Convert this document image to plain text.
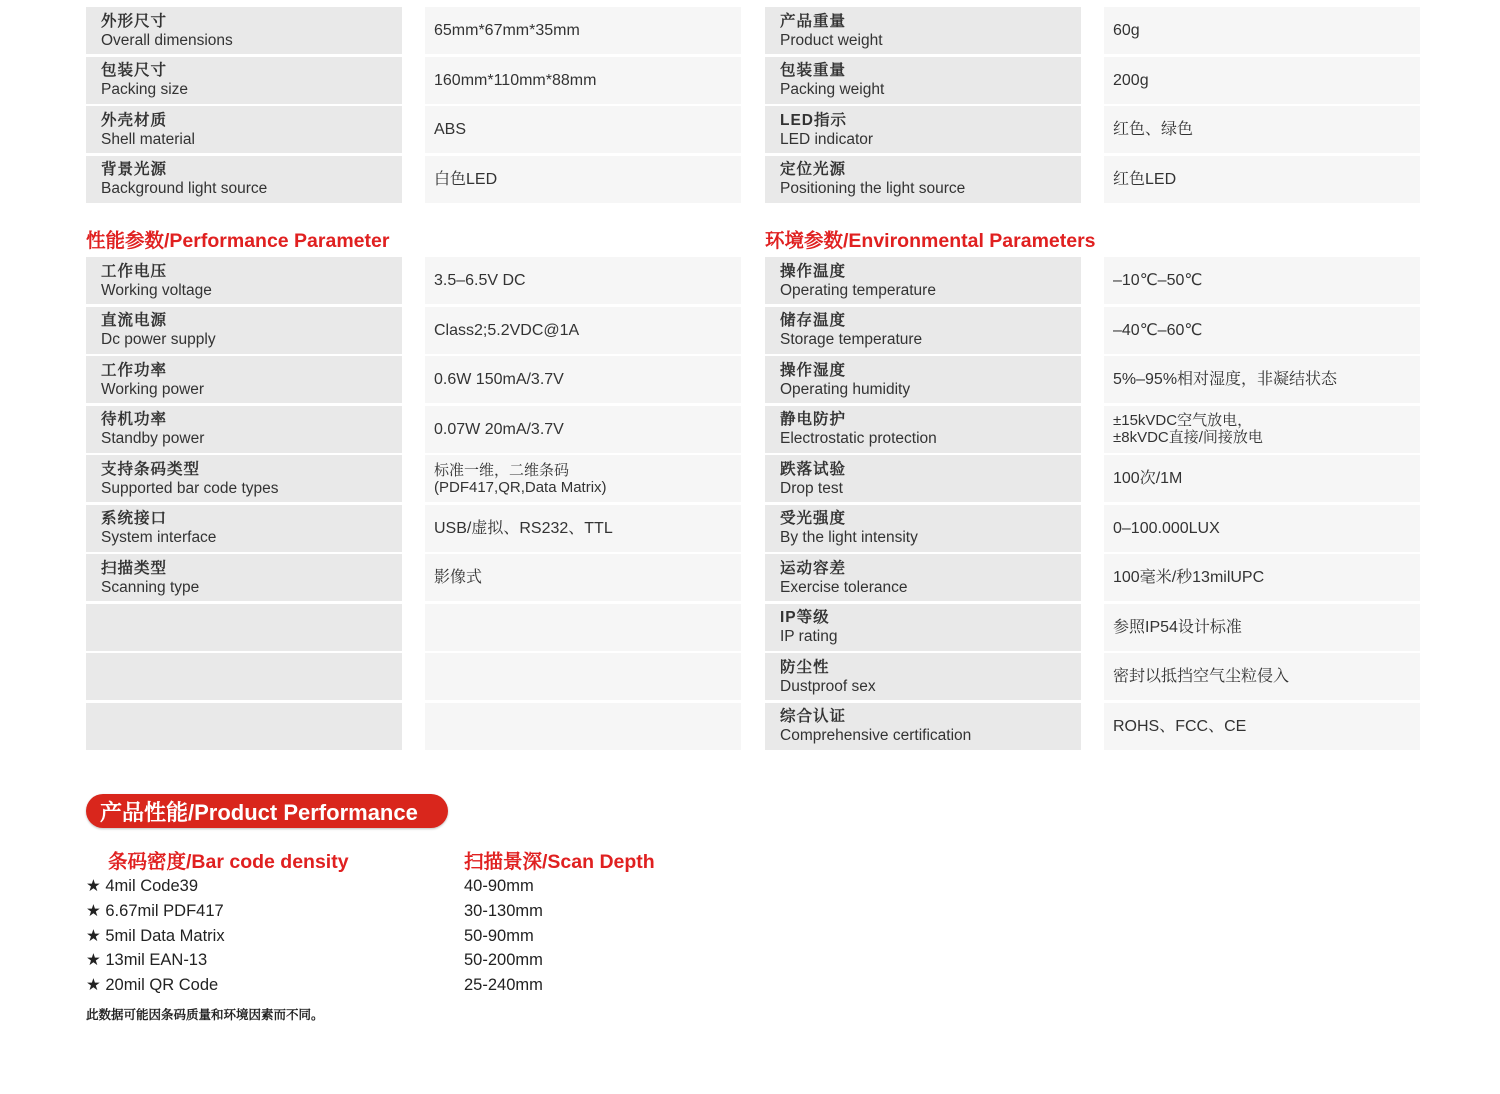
外形尺寸
Overall dimensions
65mm*67mm*35mm
包装尺寸
Packing size
160mm*110mm*88mm
外壳材质
Shell material
ABS
背景光源
Background light source
白色LED
产品重量
Product weight
60g
包装重量
Packing weight
200g
LED指示
LED indicator
红色、绿色
定位光源
Positioning the light source
红色LED
性能参数/Performance Parameter	环境参数/Environmental Parameters
工作电压
Working voltage
3.5–6.5V DC
直流电源
Dc power supply
Class2;5.2VDC@1A
工作功率
Working power
0.6W 150mA/3.7V
待机功率
Standby power
0.07W 20mA/3.7V
支持条码类型
Supported bar code types
标准一维，二维条码
(PDF417,QR,Data Matrix)
系统接口
System interface
USB/虚拟、RS232、TTL
扫描类型
Scanning type
影像式
操作温度
Operating temperature
–10℃–50℃
储存温度
Storage temperature
–40℃–60℃
操作湿度
Operating humidity
5%–95%相对湿度，非凝结状态
静电防护
Electrostatic protection
±15kVDC空气放电，
±8kVDC直接/间接放电
跌落试验
Drop test
100次/1M
受光强度
By the light intensity
0–100.000LUX
运动容差
Exercise tolerance
100毫米/秒13milUPC
IP等级
IP rating
参照IP54设计标准
防尘性
Dustproof sex
密封以抵挡空气尘粒侵入
综合认证
Comprehensive certification
ROHS、FCC、CE
产品性能/Product Performance
条码密度/Bar code density	扫描景深/Scan Depth
★ 4mil Code39
★ 6.67mil PDF417
★ 5mil Data Matrix
★ 13mil EAN-13
★ 20mil QR Code
40-90mm
30-130mm
50-90mm
50-200mm
25-240mm
此数据可能因条码质量和环境因素而不同。
